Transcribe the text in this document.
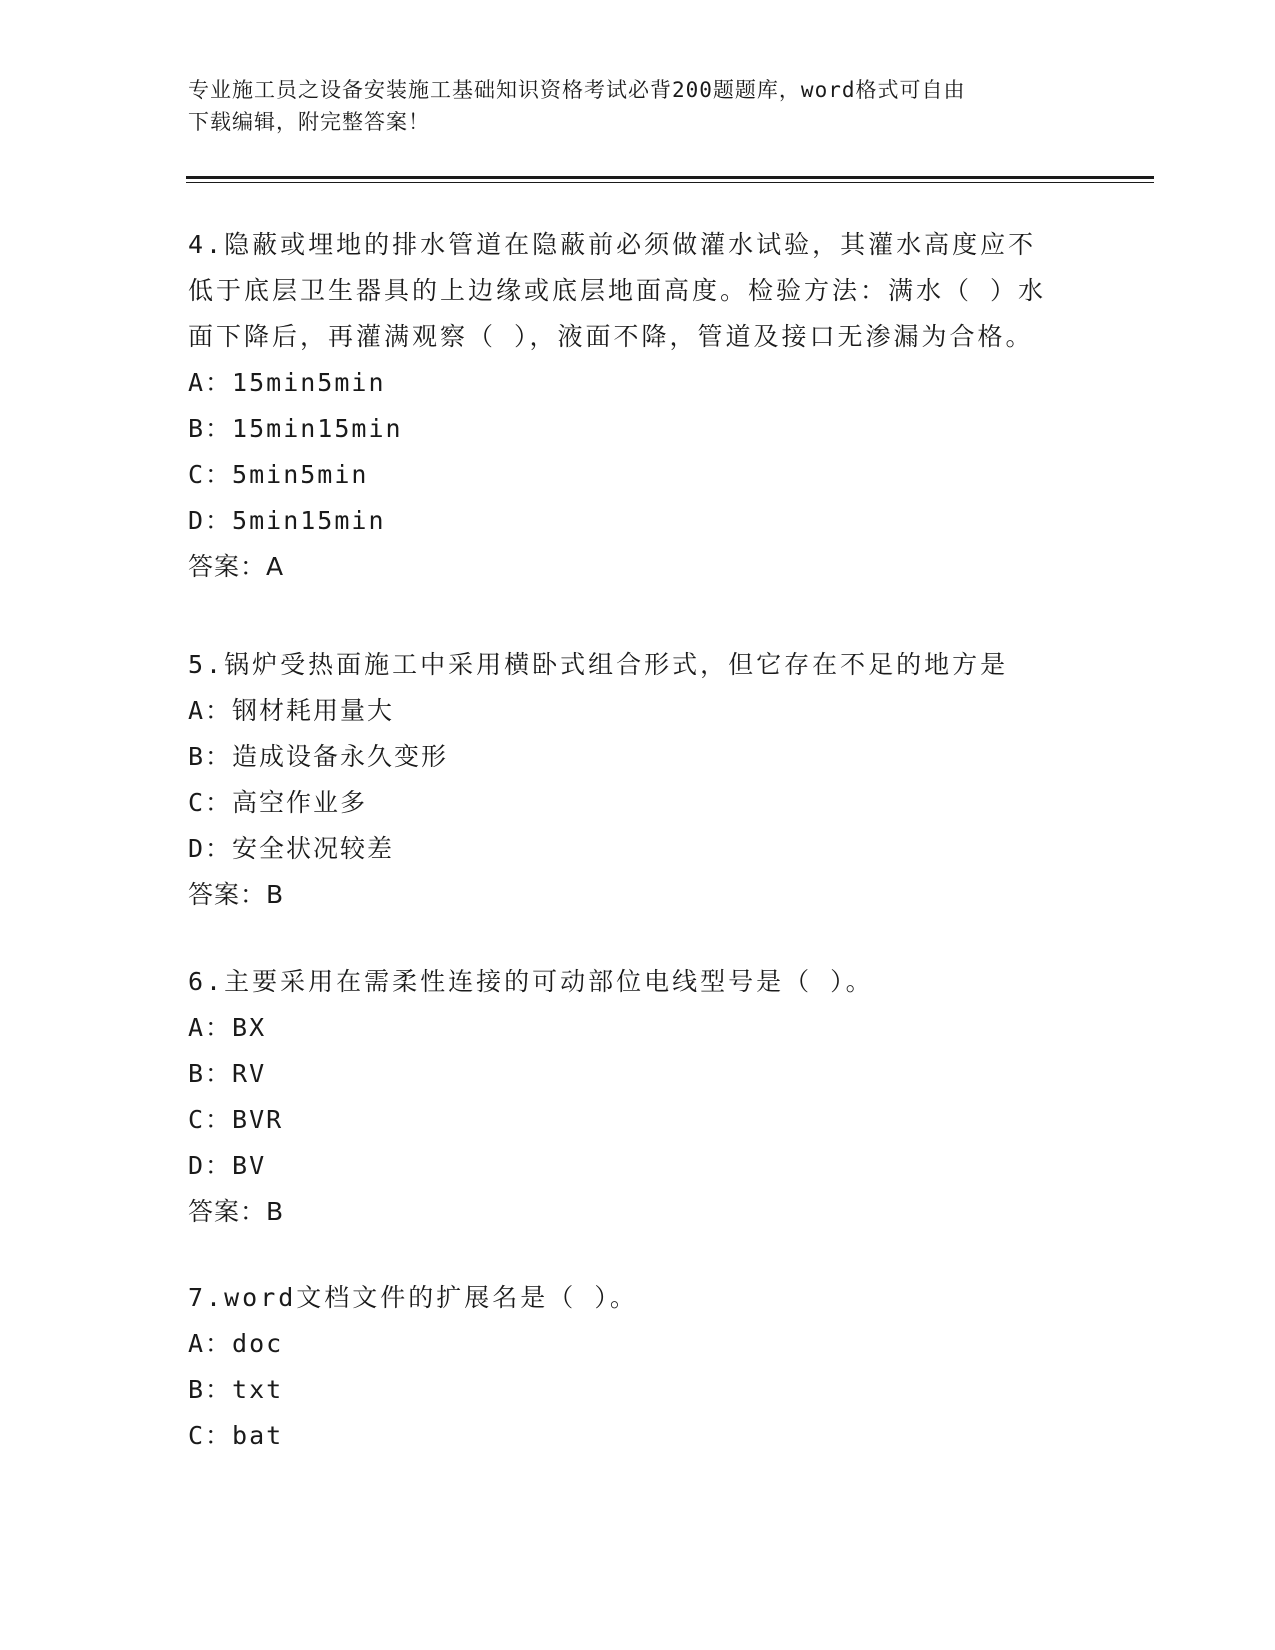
专业施工员之设备安装施工基础知识资格考试必背200题题库，word格式可自由
下载编辑，附完整答案！
4.隐蔽或埋地的排水管道在隐蔽前必须做灌水试验，其灌水高度应不
低于底层卫生器具的上边缘或底层地面高度。检验方法：满水（ ）水
面下降后，再灌满观察（ ），液面不降，管道及接口无渗漏为合格。
A：15min5min
B：15min15min
C：5min5min
D：5min15min
答案：A
5.锅炉受热面施工中采用横卧式组合形式，但它存在不足的地方是
A：钢材耗用量大
B：造成设备永久变形
C：高空作业多
D：安全状况较差
答案：B
6.主要采用在需柔性连接的可动部位电线型号是（ ）。
A：BX
B：RV
C：BVR
D：BV
答案：B
7.word文档文件的扩展名是（ ）。
A：doc
B：txt
C：bat
